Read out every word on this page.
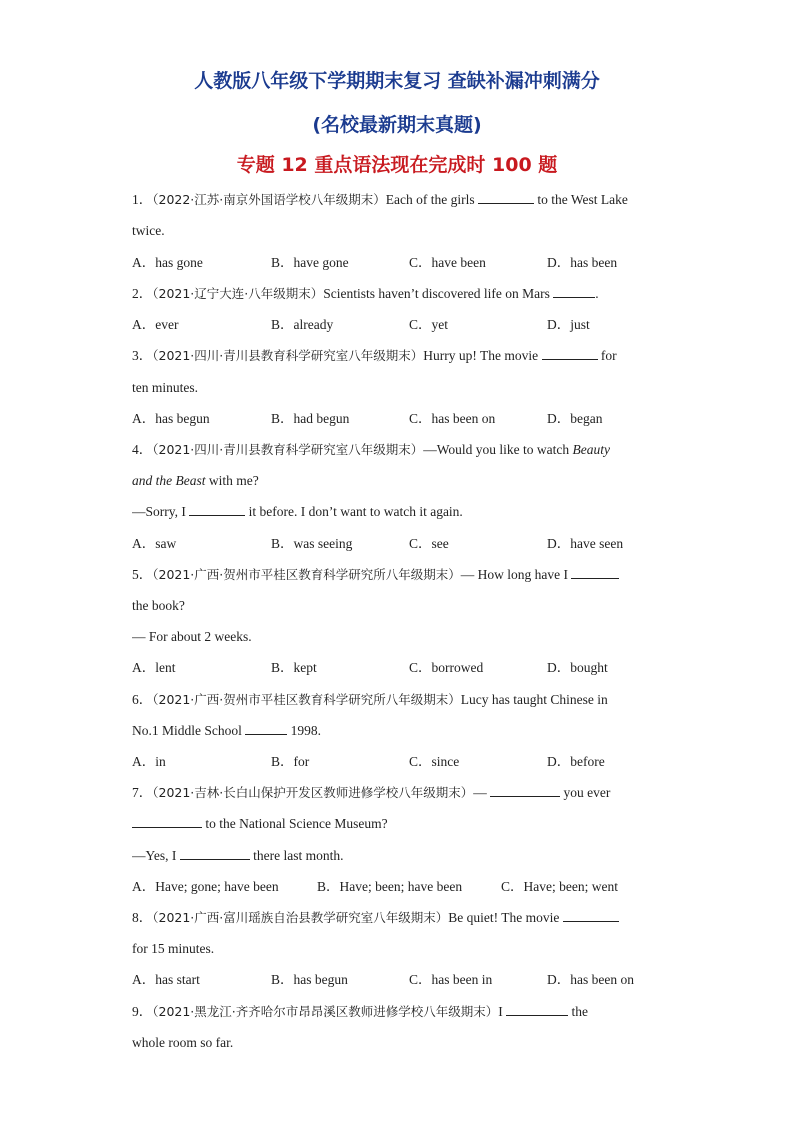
人教版八年级下学期期末复习 查缺补漏冲刺满分
(名校最新期末真题)
专题 12 重点语法现在完成时 100 题
1．（2022·江苏·南京外国语学校八年级期末）Each of the girls	to the West Lake
twice.
A．has gone	B．have gone	C．have been	D．has been
2．（2021·辽宁大连·八年级期末）Scientists haven’t discovered life on Mars	.
A．ever	B．already	C．yet	D．just
3．（2021·四川·青川县教育科学研究室八年级期末）Hurry up! The movie	for
ten minutes.
A．has begun	B．had begun	C．has been on	D．began
4．（2021·四川·青川县教育科学研究室八年级期末）—Would you like to watch Beauty
and the Beast with me?
—Sorry, I	it before. I don’t want to watch it again.
A．saw	B．was seeing	C．see	D．have seen
5．（2021·广西·贺州市平桂区教育科学研究所八年级期末）— How long have I
the book?
— For about 2 weeks.
A．lent	B．kept	C．borrowed	D．bought
6．（2021·广西·贺州市平桂区教育科学研究所八年级期末）Lucy has taught Chinese in
No.1 Middle School	1998.
A．in	B．for	C．since	D．before
7．（2021·吉林·长白山保护开发区教师进修学校八年级期末）—	you ever
to the National Science Museum?
—Yes, I	there last month.
A．Have; gone; have been	B．Have; been; have been	C．Have; been; went
8．（2021·广西·富川瑶族自治县教学研究室八年级期末）Be quiet! The movie
for 15 minutes.
A．has start	B．has begun	C．has been in	D．has been on
9．（2021·黑龙江·齐齐哈尔市昂昂溪区教师进修学校八年级期末）I	the
whole room so far.
